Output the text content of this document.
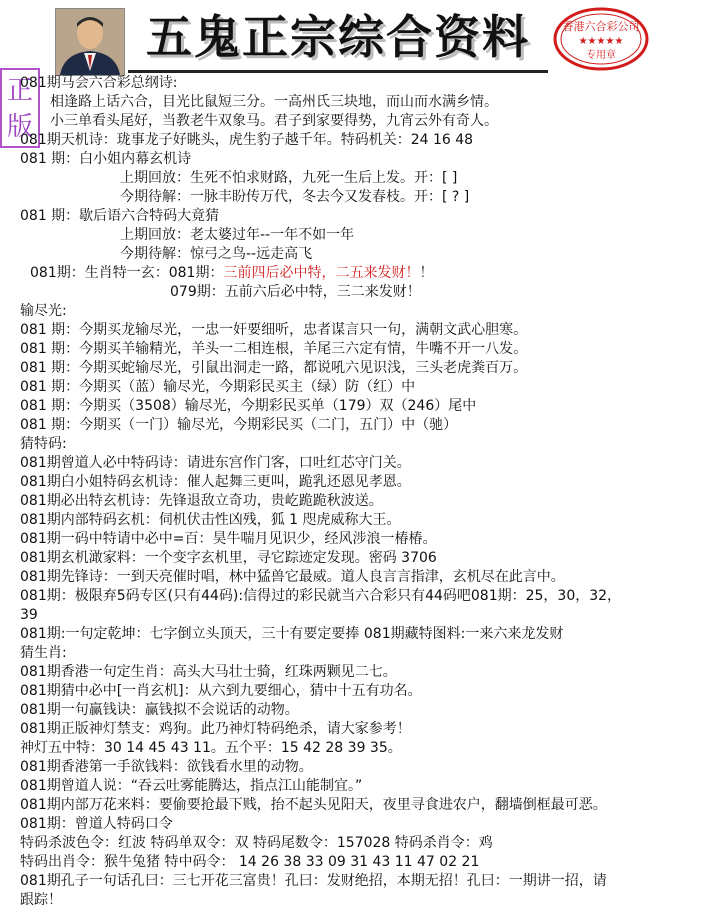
五鬼正宗综合资料	香港六合彩公司
★★★★★
专用章
正
版
081期马会六合彩总纲诗:
相逢路上话六合，目光比鼠短三分。一高州氏三块地，而山而水满乡情。
小三单看头尾好，当教老牛双象马。君子到家要得势，九宵云外有奇人。
081期天机诗：珑事龙子好眺头，虎生豹子越千年。特码机关：24 16 48
081 期：白小姐内幕玄机诗
上期回放：生死不怕求财路，九死一生后上发。开：[ ]
今期待解：一脉丰盼传万代，冬去今又发春枝。开：[ ? ]
081 期：歇后语六合特码大竟猜
上期回放：老太婆过年--一年不如一年
今期待解：惊弓之鸟--远走高飞
081期：生肖特一玄：081期：三前四后必中特，二五来发财！！
079期：五前六后必中特，三二来发财！
输尽光:
081 期：今期买龙输尽光，一忠一奸要细听，忠者谋言只一句，满朝文武心胆寒。
081 期：今期买羊输精光，羊头一二相连根，羊尾三六定有情，牛嘴不开一八发。
081 期：今期买蛇输尽光，引鼠出洞走一路，都说吼六见识浅，三头老虎粪百万。
081 期：今期买（蓝）输尽光，今期彩民买主（绿）防（红）中
081 期：今期买（3508）输尽光，今期彩民买单（179）双（246）尾中
081 期：今期买（一门）输尽光，今期彩民买（二门，五门）中（驰）
猜特码:
081期曾道人必中特码诗：请进东宫作门客，口吐红芯守门关。
081期白小姐特码玄机诗：催人起舞三更叫，跪乳还恩见孝恩。
081期必出特玄机诗：先锋退敌立奇功，贵屹跪跪秋波送。
081期内部特码玄机：伺机伏击性凶残，狐 1 咫虎威称大王。
081期一码中特请中必中=百：昊牛喘月见识少，经风涉浪一椿椿。
081期玄机澉家料：一个变字玄机里，寻它踪迹定发现。密码 3706
081期先锋诗：一到天亮催时唱，林中猛兽它最威。道人良言言指津，玄机尽在此言中。
081期：极限弃5码专区(只有44码):信得过的彩民就当六合彩只有44码吧081期：25，30，32，
39
081期:一句定乾坤：七字倒立头顶天，三十有要定要捧 081期藏特图料:一来六来龙发财
猜生肖:
081期香港一句定生肖：高头大马壮士骑，红珠两颗见二七。
081期猜中必中[一肖玄机]：从六到九要细心，猜中十五有功名。
081期一句赢钱诀：赢钱拟不会说话的动物。
081期正版神灯禁支：鸡狗。此乃神灯特码绝杀，请大家参考！
神灯五中特：30 14 45 43 11。五个平：15 42 28 39 35。
081期香港第一手欲钱料：欲钱看水里的动物。
081期曾道人说：“吞云吐雾能腾达，指点江山能制宜。”
081期内部万花来料：要偷要抢最下贱，抬不起头见阳天，夜里寻食进农户，翻墙倒框最可恶。
081期：曾道人特码口令
特码杀波色令：红波 特码单双令：双 特码尾数令：157028 特码杀肖令：鸡
特码出肖令：猴牛兔猪 特中码令： 14 26 38 33 09 31 43 11 47 02 21
081期孔子一句话孔曰：三七开花三富贵！孔曰：发财绝招，本期无招！孔曰：一期讲一招，请
跟踪！
